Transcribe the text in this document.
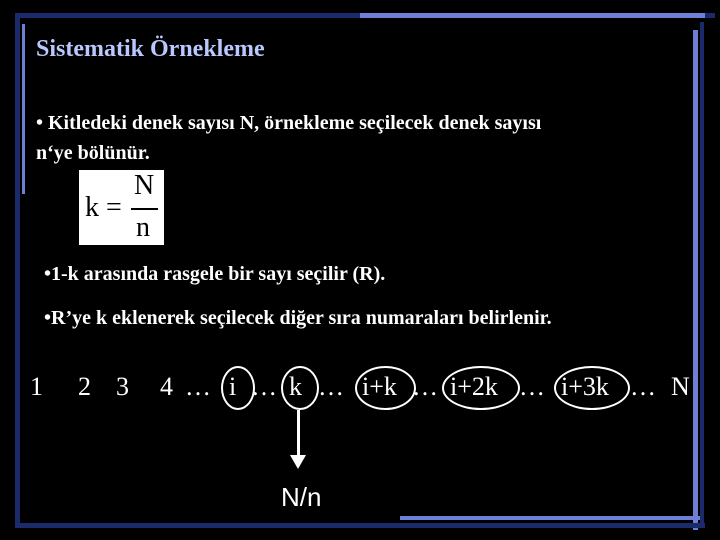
Sistematik Örnekleme
• Kitledeki denek sayısı N, örnekleme seçilecek denek sayısı
n‘ye bölünür.
k =
N
n
•1-k arasında rasgele bir sayı seçilir (R).
•R’ye k eklenerek seçilecek diğer sıra numaraları belirlenir.
1 2 3 4 … i … k … i+k … i+2k … i+3k … N
N/n
